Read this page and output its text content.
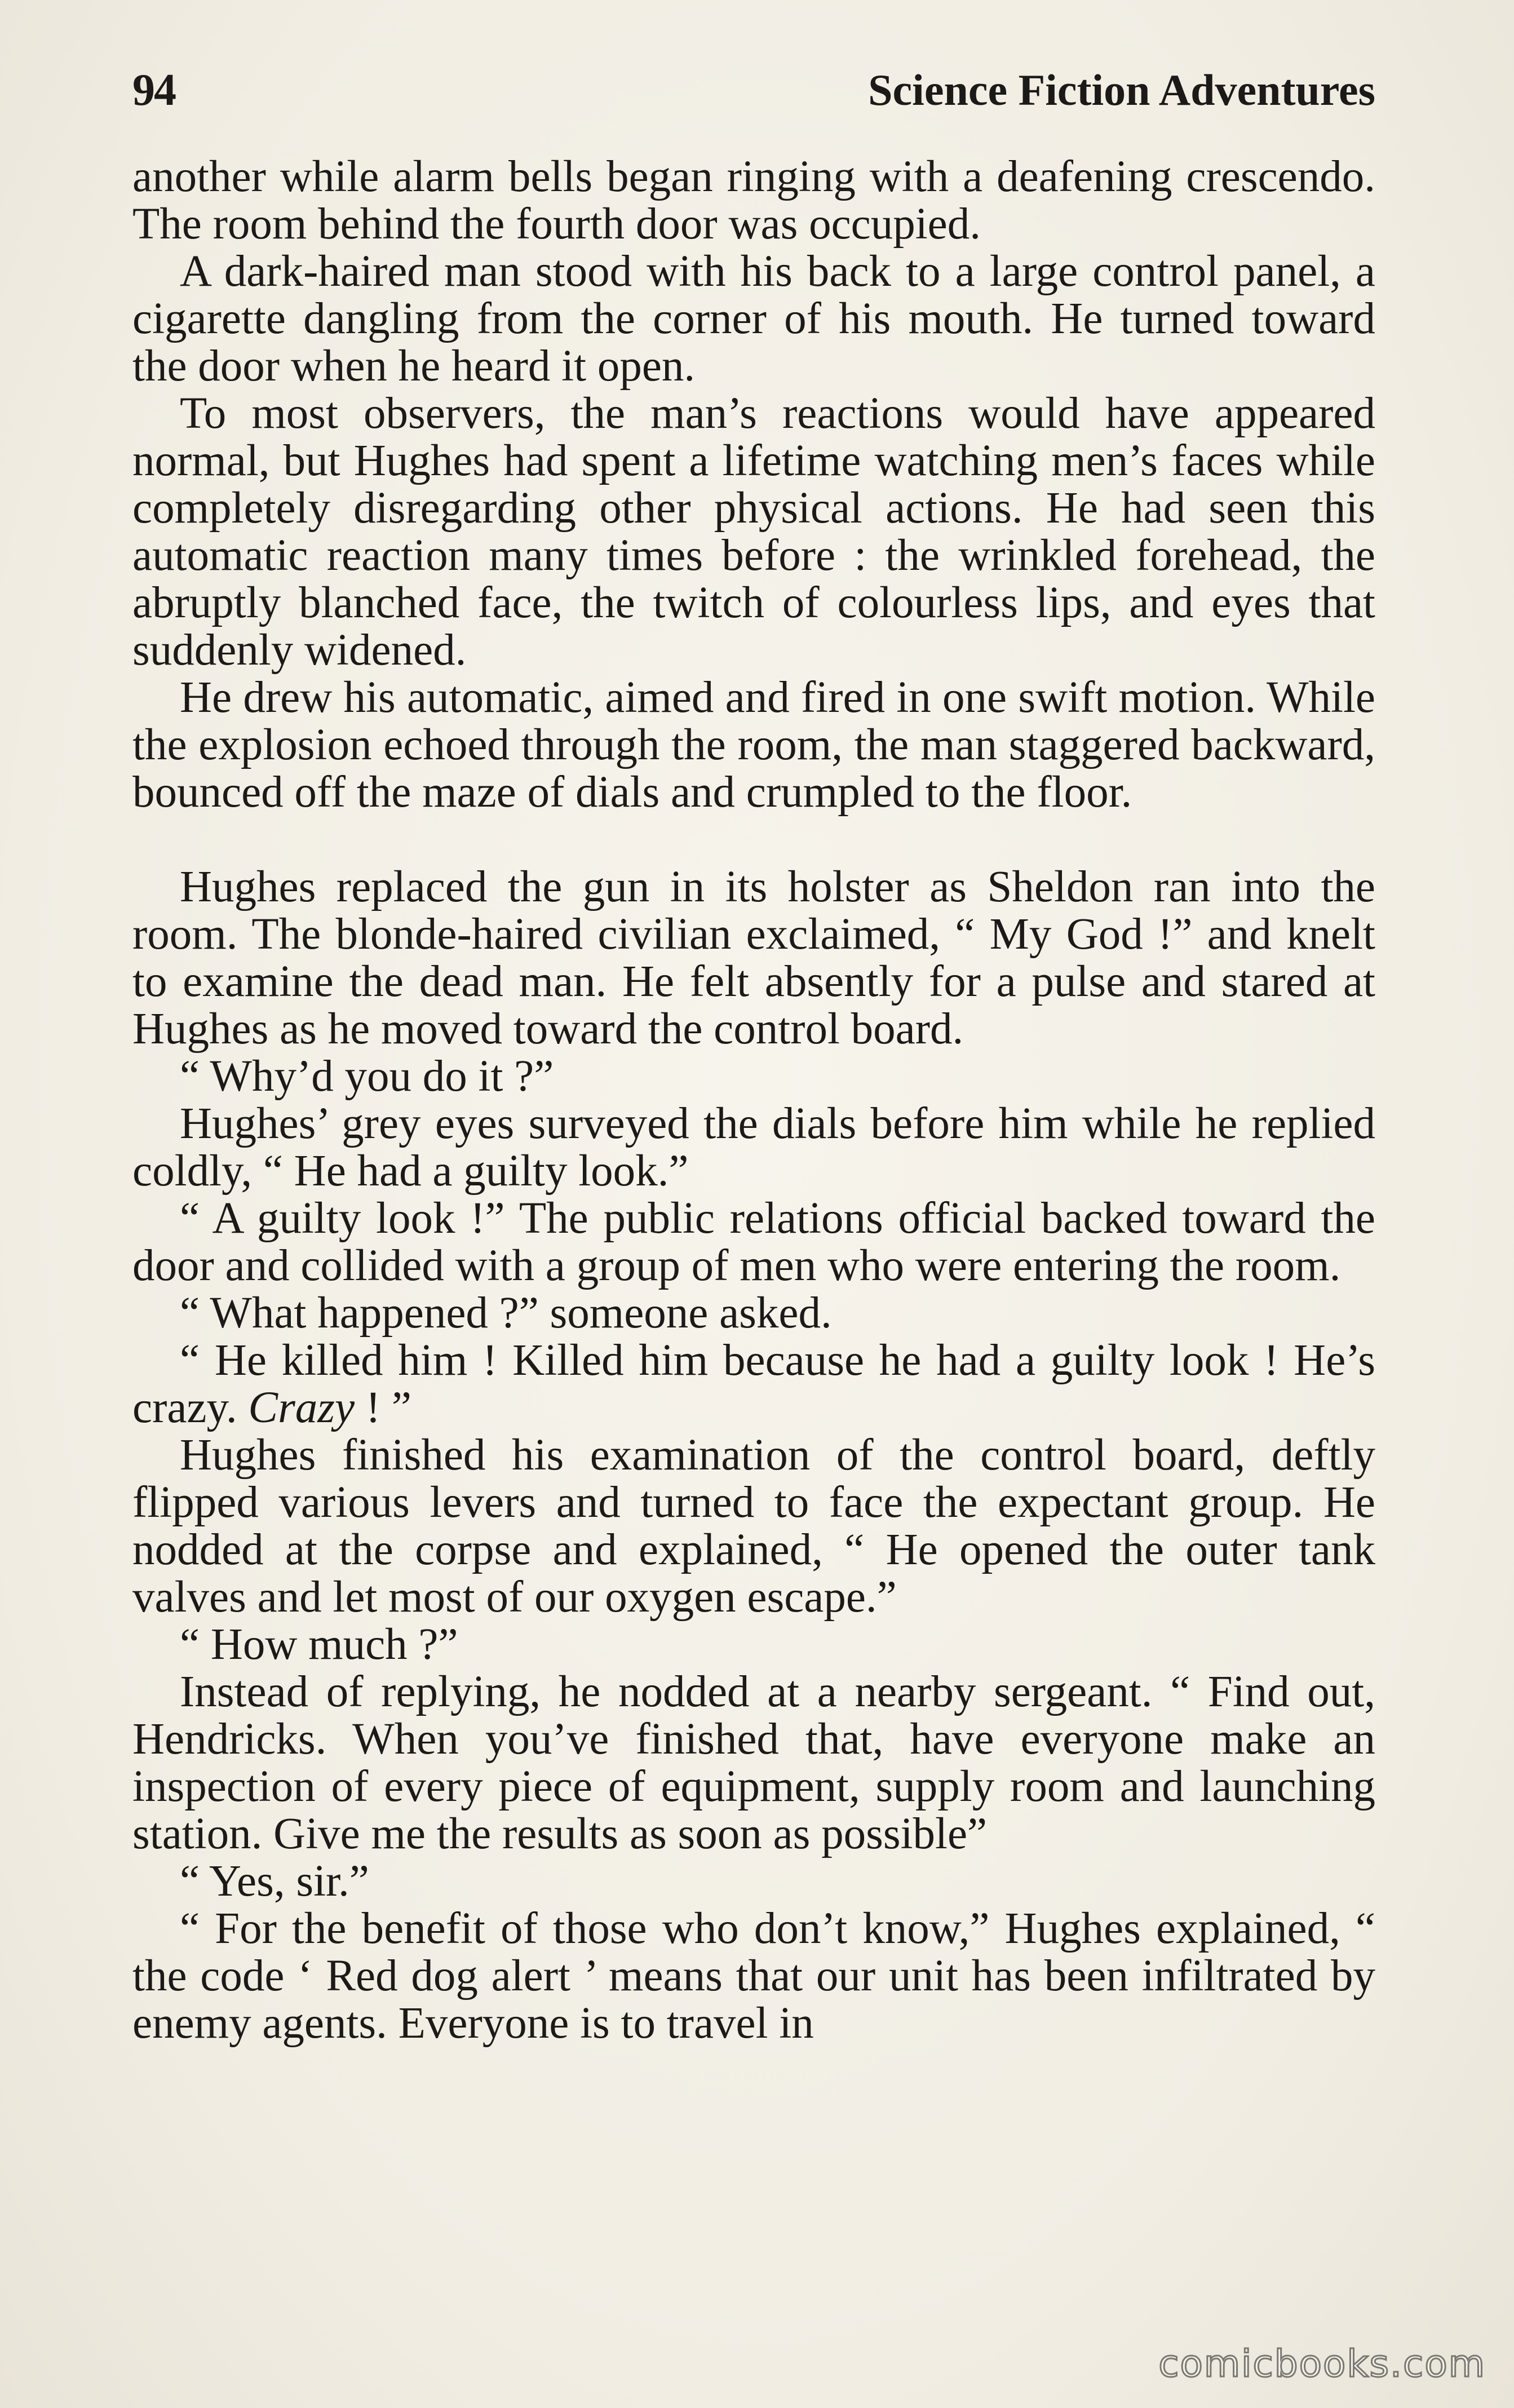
94	Science Fiction Adventures

another while alarm bells began ringing with a deafening crescendo. The room behind the fourth door was occupied.

A dark-haired man stood with his back to a large control panel, a cigarette dangling from the corner of his mouth. He turned toward the door when he heard it open.

To most observers, the man’s reactions would have appeared normal, but Hughes had spent a lifetime watching men’s faces while completely disregarding other physical actions. He had seen this automatic reaction many times before : the wrinkled forehead, the abruptly blanched face, the twitch of colourless lips, and eyes that suddenly widened.

He drew his automatic, aimed and fired in one swift motion. While the explosion echoed through the room, the man staggered backward, bounced off the maze of dials and crumpled to the floor.

Hughes replaced the gun in its holster as Sheldon ran into the room. The blonde-haired civilian exclaimed, “ My God !” and knelt to examine the dead man. He felt absently for a pulse and stared at Hughes as he moved toward the control board.

“ Why’d you do it ?”

Hughes’ grey eyes surveyed the dials before him while he replied coldly, “ He had a guilty look.”

“ A guilty look !” The public relations official backed toward the door and collided with a group of men who were entering the room.

“ What happened ?” someone asked.

“ He killed him ! Killed him because he had a guilty look ! He’s crazy. Crazy ! ”

Hughes finished his examination of the control board, deftly flipped various levers and turned to face the expectant group. He nodded at the corpse and explained, “ He opened the outer tank valves and let most of our oxygen escape.”

“ How much ?”

Instead of replying, he nodded at a nearby sergeant. “ Find out, Hendricks. When you’ve finished that, have everyone make an inspection of every piece of equipment, supply room and launching station. Give me the results as soon as possible”

“ Yes, sir.”

“ For the benefit of those who don’t know,” Hughes explained, “ the code ‘ Red dog alert ’ means that our unit has been infiltrated by enemy agents. Everyone is to travel in

comicbooks.com
